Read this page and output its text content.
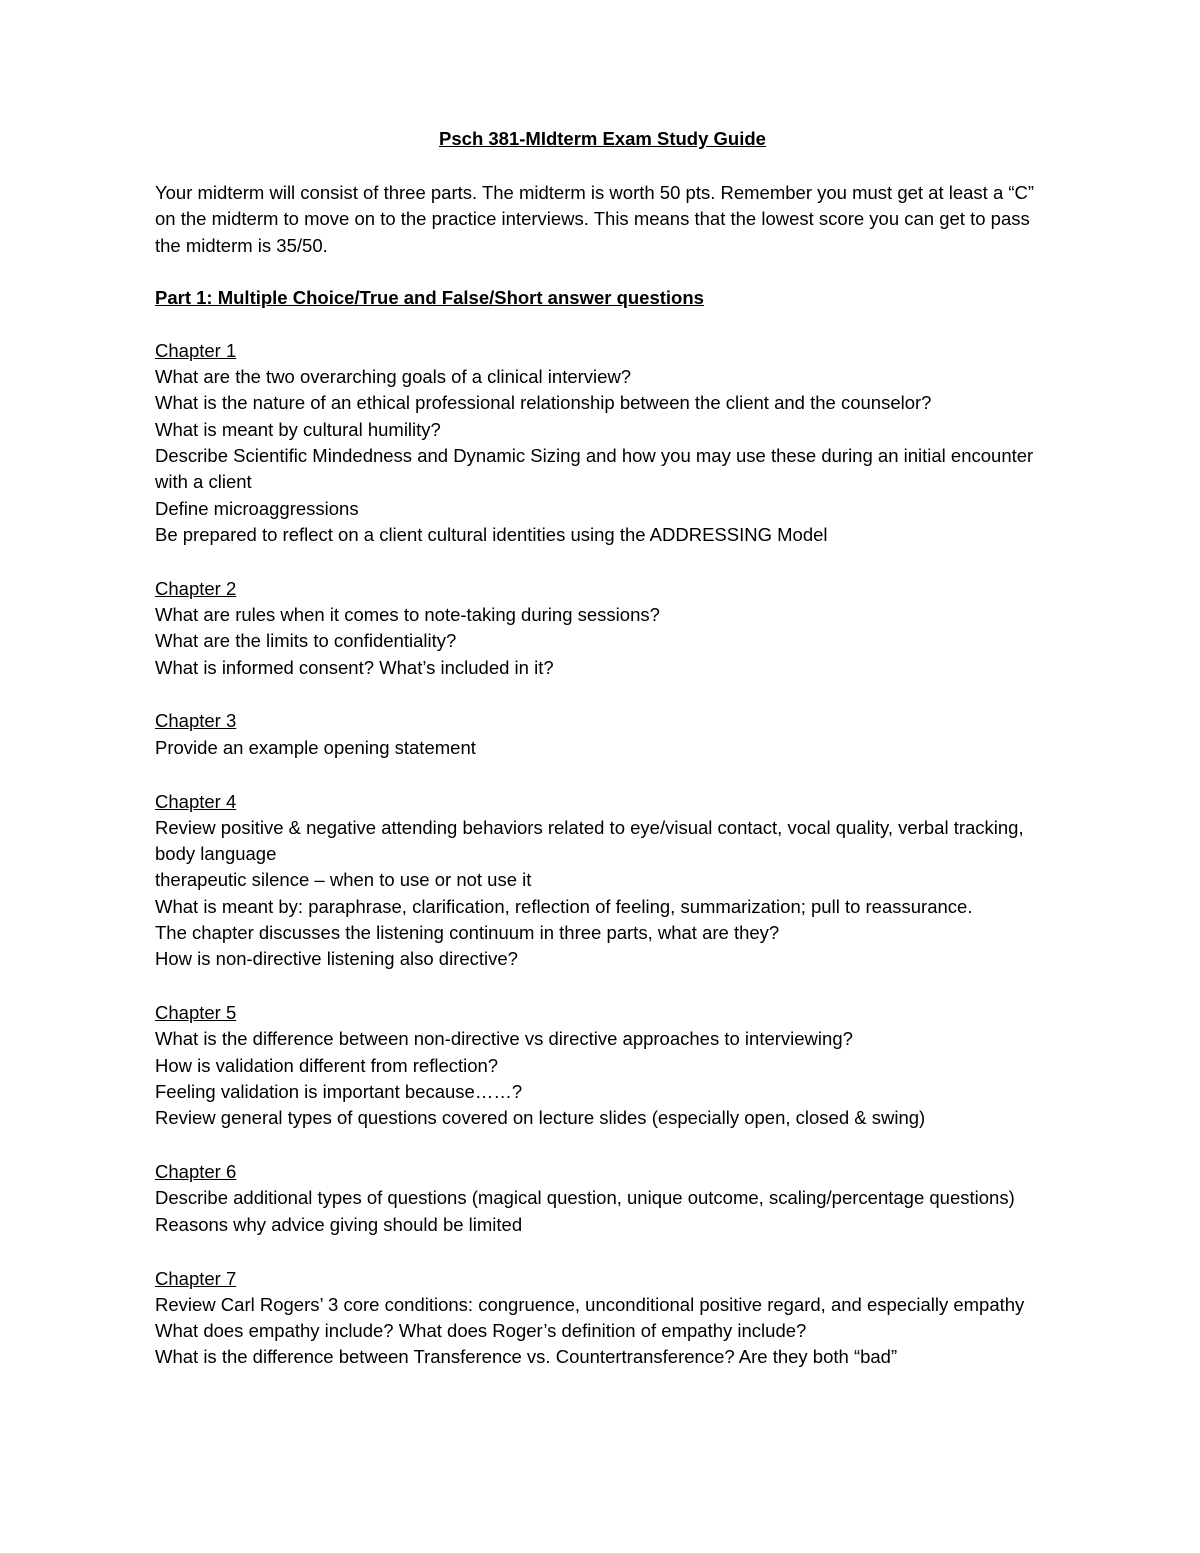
Psch 381-MIdterm Exam Study Guide
Your midterm will consist of three parts. The midterm is worth 50 pts. Remember you must get at least a “C” on the midterm to move on to the practice interviews. This means that the lowest score you can get to pass the midterm is 35/50.
Part 1: Multiple Choice/True and False/Short answer questions
Chapter 1
What are the two overarching goals of a clinical interview?
What is the nature of an ethical professional relationship between the client and the counselor?
What is meant by cultural humility?
Describe Scientific Mindedness and Dynamic Sizing and how you may use these during an initial encounter with a client
Define microaggressions
Be prepared to reflect on a client cultural identities using the ADDRESSING Model
Chapter 2
What are rules when it comes to note-taking during sessions?
What are the limits to confidentiality?
What is informed consent? What’s included in it?
Chapter 3
Provide an example opening statement
Chapter 4
Review positive & negative attending behaviors related to eye/visual contact, vocal quality, verbal tracking, body language
therapeutic silence – when to use or not use it
What is meant by: paraphrase, clarification, reflection of feeling, summarization; pull to reassurance.
The chapter discusses the listening continuum in three parts, what are they?
How is non-directive listening also directive?
Chapter 5
What is the difference between non-directive vs directive approaches to interviewing?
How is validation different from reflection?
Feeling validation is important because……?
Review general types of questions covered on lecture slides (especially open, closed & swing)
Chapter 6
Describe additional types of questions (magical question, unique outcome, scaling/percentage questions)
Reasons why advice giving should be limited
Chapter 7
Review Carl Rogers’ 3 core conditions: congruence, unconditional positive regard, and especially empathy
What does empathy include? What does Roger’s definition of empathy include?
What is the difference between Transference vs. Countertransference? Are they both “bad”
